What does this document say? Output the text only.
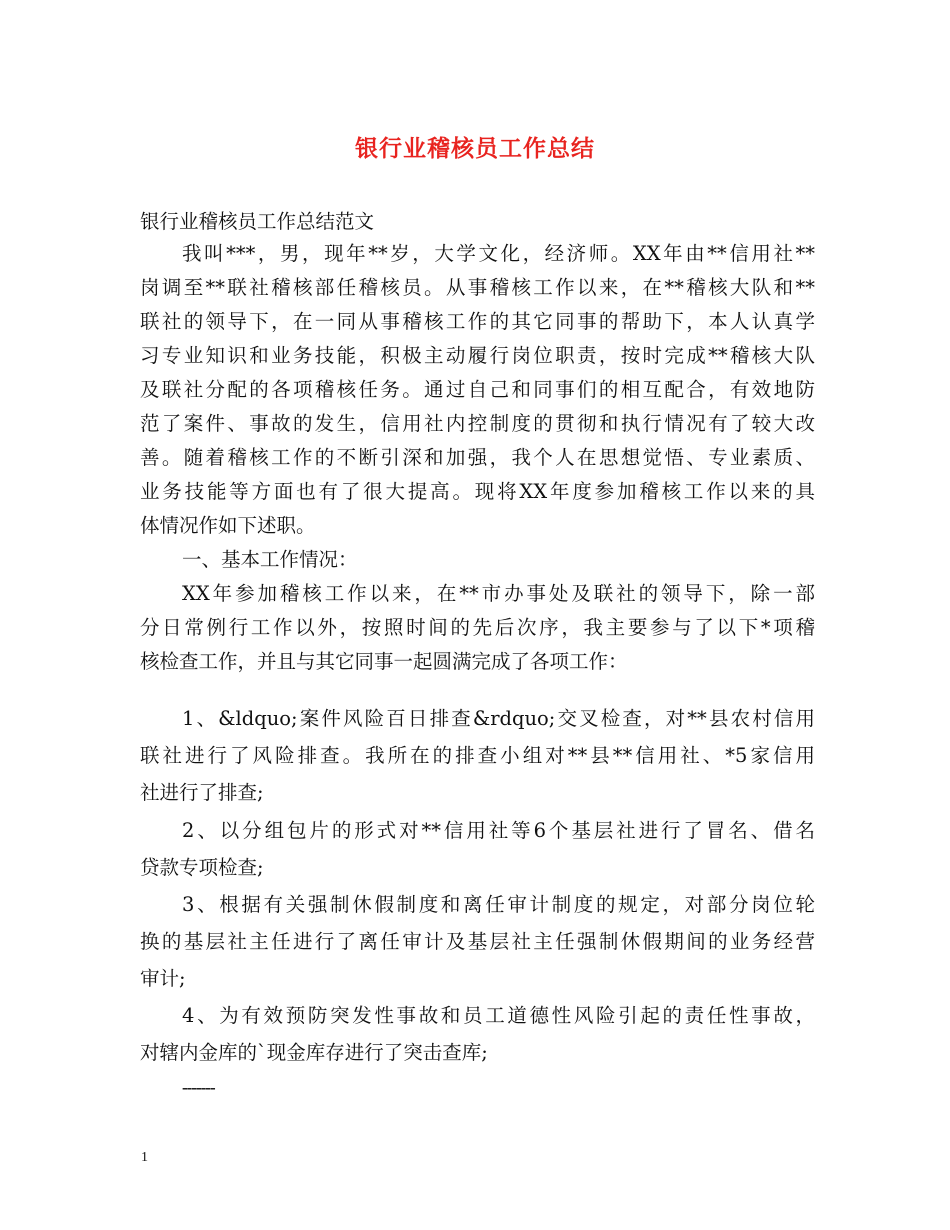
银行业稽核员工作总结
银行业稽核员工作总结范文
我叫***，男，现年**岁，大学文化，经济师。XX年由**信用社**
岗调至**联社稽核部任稽核员。从事稽核工作以来，在**稽核大队和**
联社的领导下，在一同从事稽核工作的其它同事的帮助下，本人认真学
习专业知识和业务技能，积极主动履行岗位职责，按时完成**稽核大队
及联社分配的各项稽核任务。通过自己和同事们的相互配合，有效地防
范了案件、事故的发生，信用社内控制度的贯彻和执行情况有了较大改
善。随着稽核工作的不断引深和加强，我个人在思想觉悟、专业素质、
业务技能等方面也有了很大提高。现将XX年度参加稽核工作以来的具
体情况作如下述职。
一、基本工作情况：
XX年参加稽核工作以来，在**市办事处及联社的领导下，除一部
分日常例行工作以外，按照时间的先后次序，我主要参与了以下*项稽
核检查工作，并且与其它同事一起圆满完成了各项工作：
1、&ldquo;案件风险百日排查&rdquo;交叉检查，对**县农村信用
联社进行了风险排查。我所在的排查小组对**县**信用社、*5家信用
社进行了排查;
2、以分组包片的形式对**信用社等6个基层社进行了冒名、借名
贷款专项检查;
3、根据有关强制休假制度和离任审计制度的规定，对部分岗位轮
换的基层社主任进行了离任审计及基层社主任强制休假期间的业务经营
审计;
4、为有效预防突发性事故和员工道德性风险引起的责任性事故，
对辖内金库的`现金库存进行了突击查库;
-------
1
